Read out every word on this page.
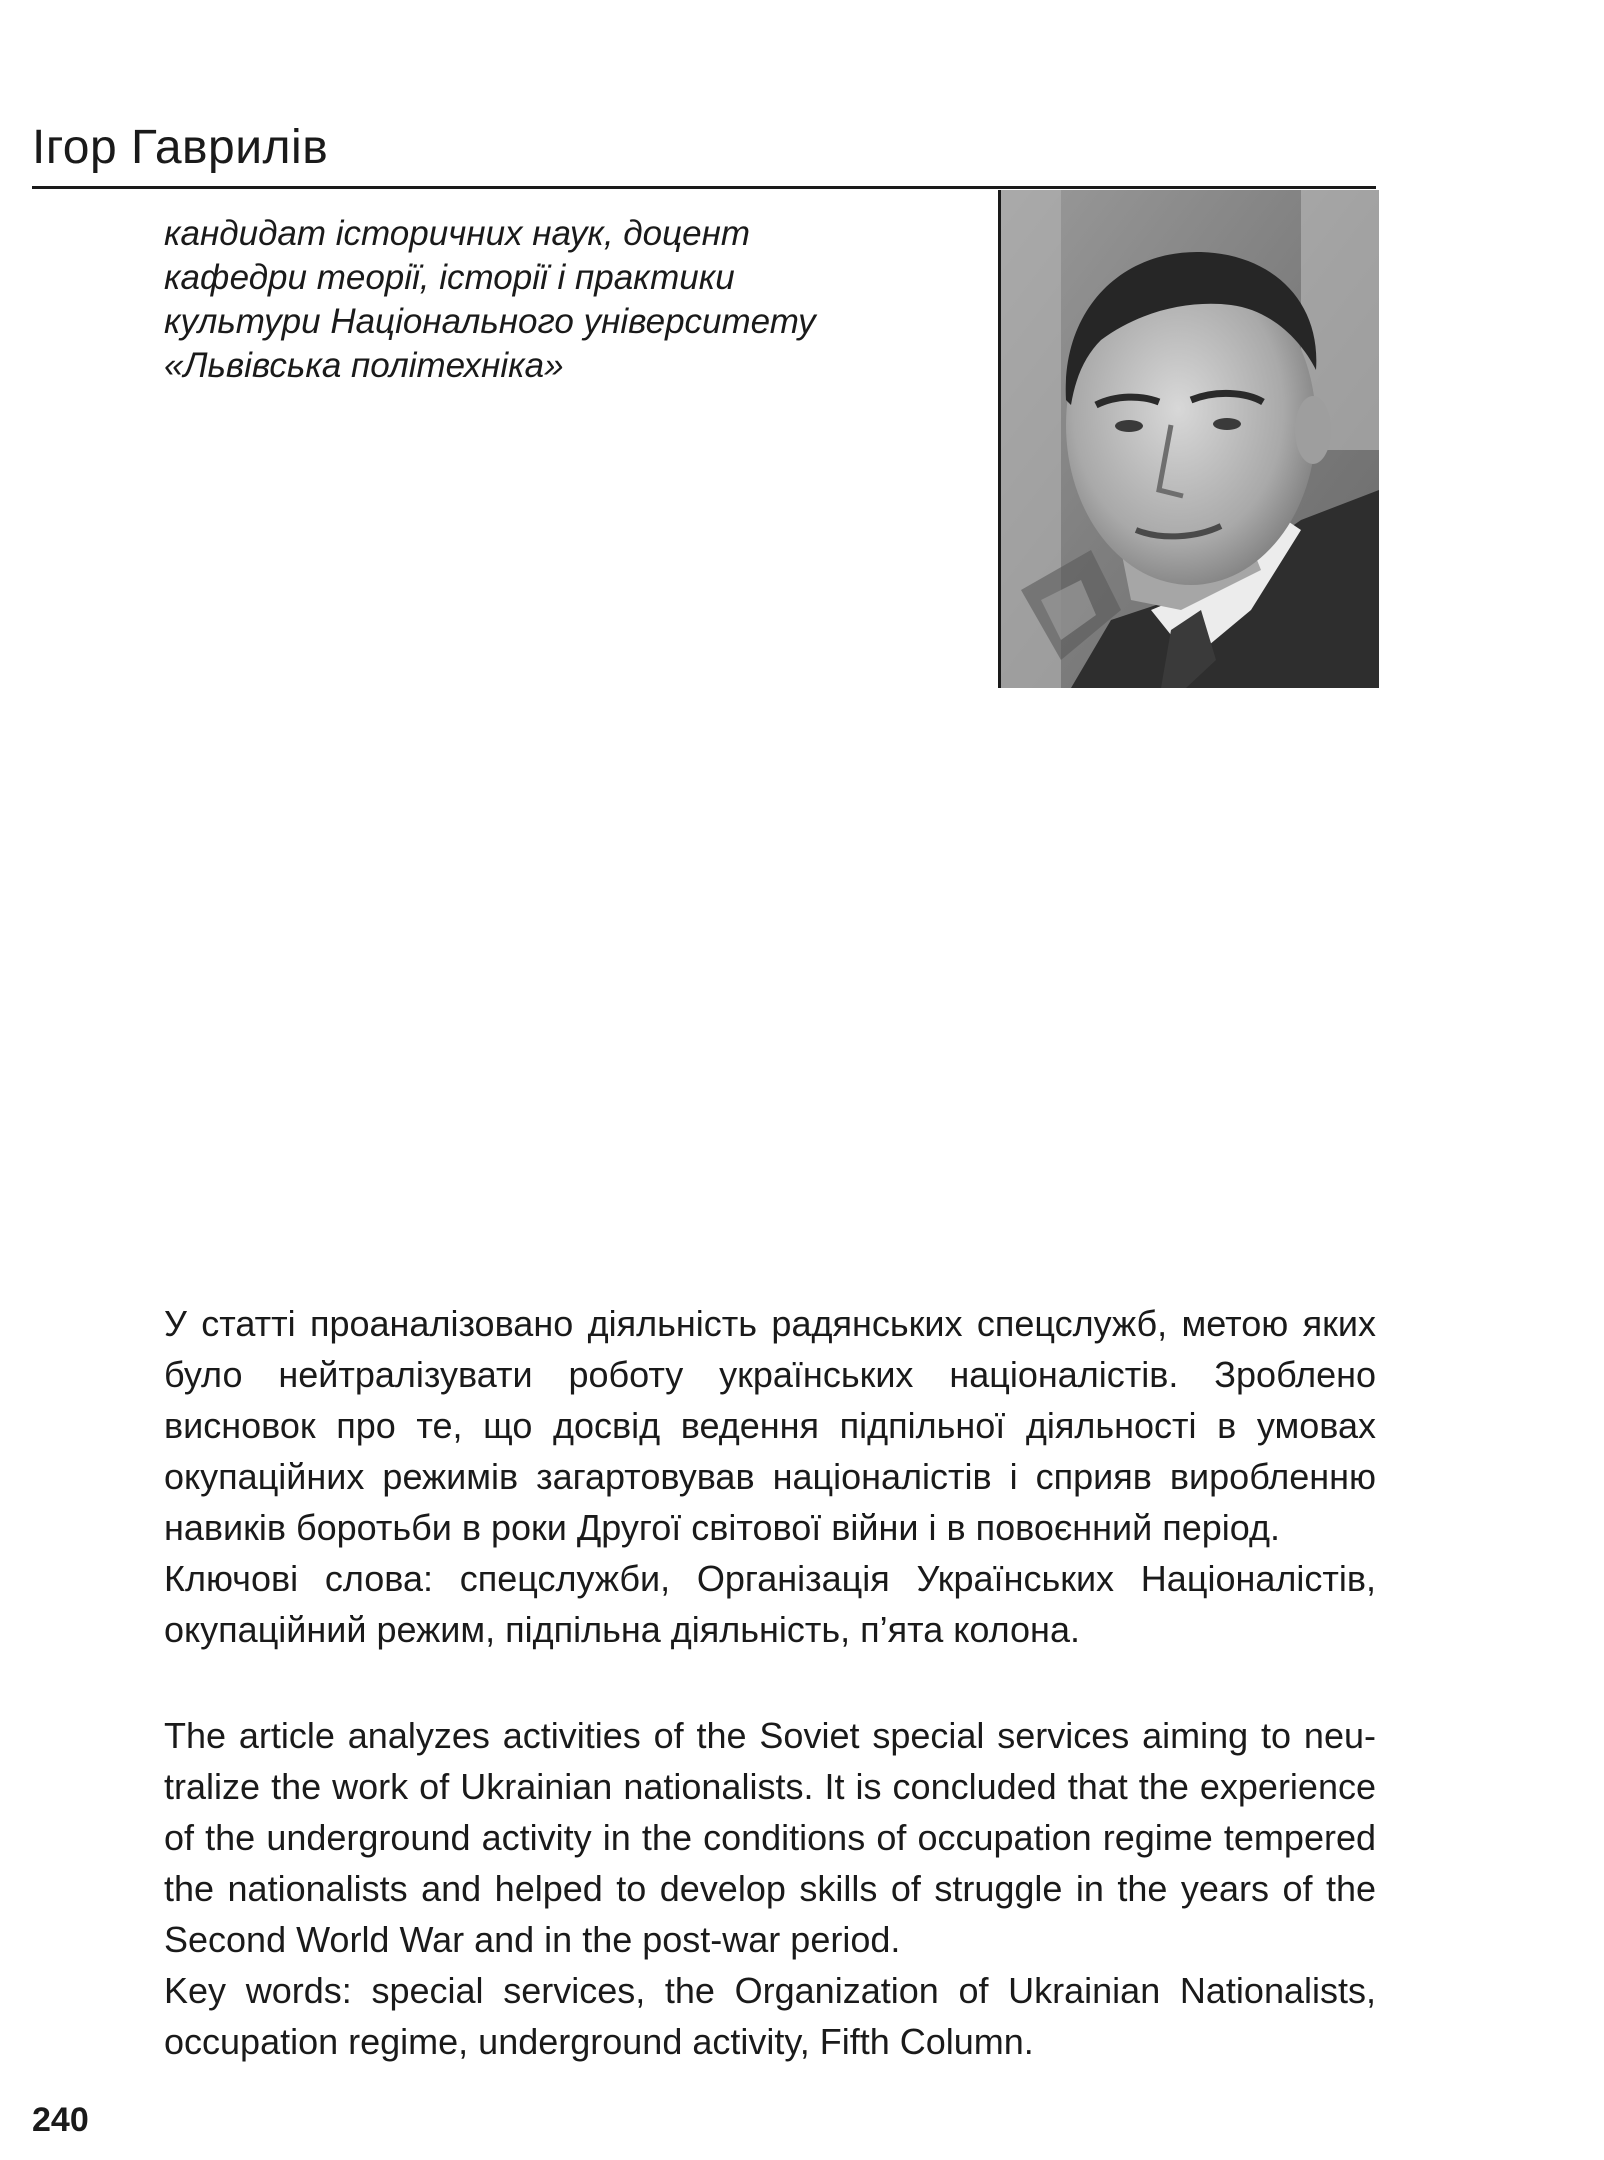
Ігор Гаврилів
кандидат історичних наук, доцент
кафедри теорії, історії і практики
культури Національного університету
«Львівська політехніка»

У статті проаналізовано діяльність радянських спецслужб, метою яких було нейтралізувати роботу українських націоналістів. Зроблено висновок про те, що досвід ведення підпільної діяльності в умовах окупаційних режимів загартовував націоналістів і сприяв виробленню навиків боротьби в роки Другої світової війни і в повоєнний період.

Ключові слова: спецслужби, Організація Українських Націоналістів, окупаційний режим, підпільна діяльність, п’ята колона.

The article analyzes activities of the Soviet special services aiming to neutralize the work of Ukrainian nationalists. It is concluded that the experience of the underground activity in the conditions of occupation regime tempered the nationalists and helped to develop skills of struggle in the years of the Second World War and in the post-war period.

Key words: special services, the Organization of Ukrainian Nationalists, occupation regime, underground activity, Fifth Column.

240
